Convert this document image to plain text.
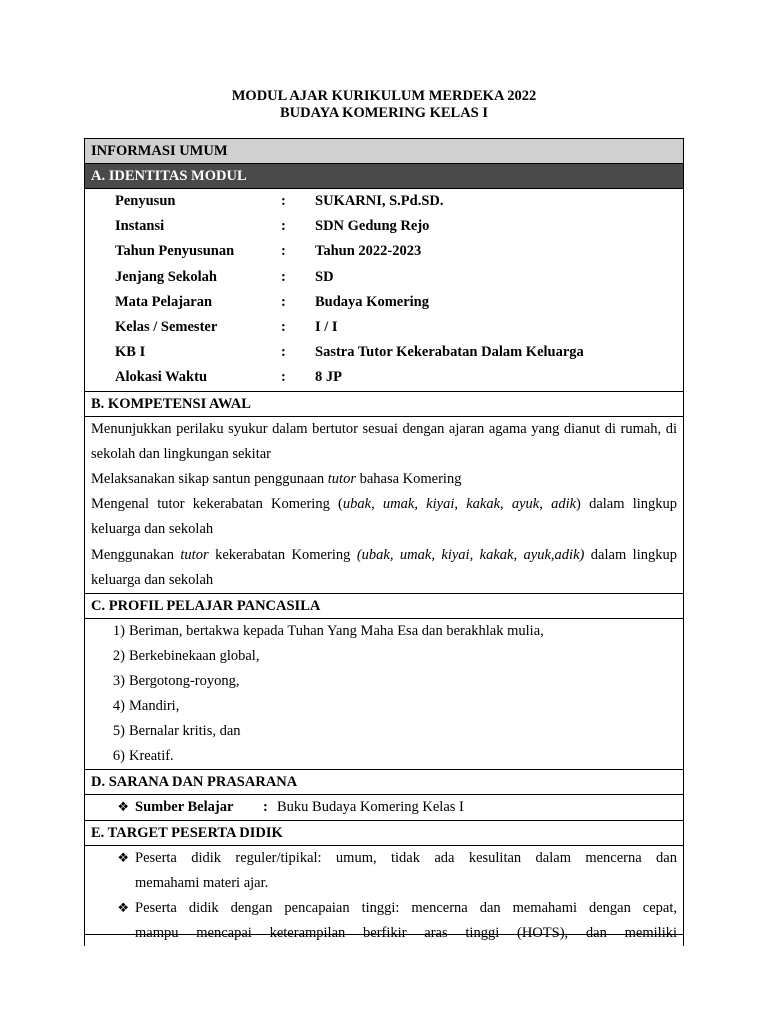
MODUL AJAR KURIKULUM MERDEKA 2022
BUDAYA KOMERING KELAS I
INFORMASI UMUM
A. IDENTITAS MODUL
Penyusun	:	SUKARNI, S.Pd.SD.
Instansi	:	SDN Gedung Rejo
Tahun Penyusunan	:	Tahun 2022-2023
Jenjang Sekolah	:	SD
Mata Pelajaran	:	Budaya Komering
Kelas / Semester	:	I / I
KB I	:	Sastra Tutor Kekerabatan Dalam Keluarga
Alokasi Waktu	:	8 JP
B. KOMPETENSI AWAL
Menunjukkan perilaku syukur dalam bertutor sesuai dengan ajaran agama yang dianut di rumah, di sekolah dan lingkungan sekitar
Melaksanakan sikap santun penggunaan tutor bahasa Komering
Mengenal tutor kekerabatan Komering (ubak, umak, kiyai, kakak, ayuk, adik) dalam lingkup keluarga dan sekolah
Menggunakan tutor kekerabatan Komering (ubak, umak, kiyai, kakak, ayuk,adik) dalam lingkup keluarga dan sekolah
C. PROFIL PELAJAR PANCASILA
1) Beriman, bertakwa kepada Tuhan Yang Maha Esa dan berakhlak mulia,
2) Berkebinekaan global,
3) Bergotong-royong,
4) Mandiri,
5) Bernalar kritis, dan
6) Kreatif.
D. SARANA DAN PRASARANA
❖ Sumber Belajar : Buku Budaya Komering Kelas I
E. TARGET PESERTA DIDIK
❖ Peserta didik reguler/tipikal: umum, tidak ada kesulitan dalam mencerna dan
memahami materi ajar.
❖ Peserta didik dengan pencapaian tinggi: mencerna dan memahami dengan cepat,
mampu mencapai keterampilan berfikir aras tinggi (HOTS), dan memiliki
